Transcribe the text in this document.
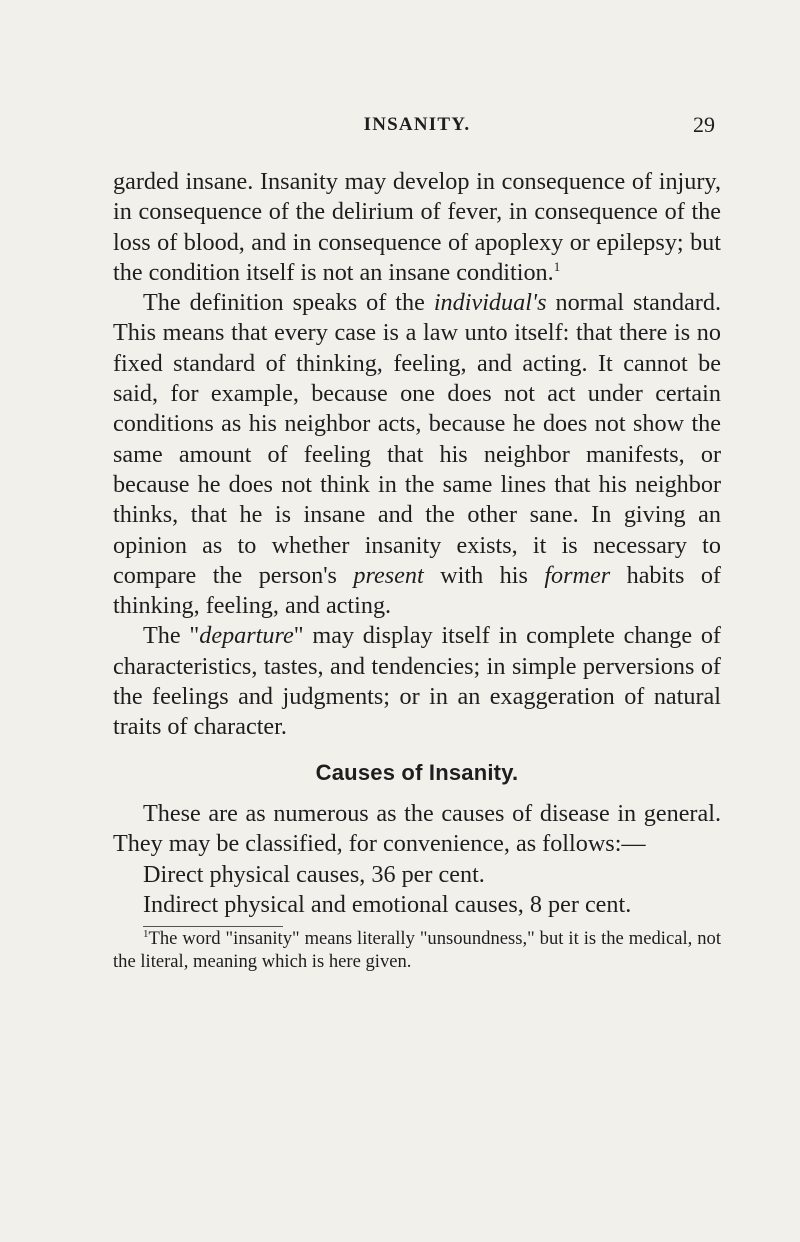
INSANITY.	29

garded insane. Insanity may develop in consequence of injury, in consequence of the delirium of fever, in consequence of the loss of blood, and in consequence of apoplexy or epilepsy; but the condition itself is not an insane condition.$^1$

The definition speaks of the individual's normal standard. This means that every case is a law unto itself: that there is no fixed standard of thinking, feeling, and acting. It cannot be said, for example, because one does not act under certain conditions as his neighbor acts, because he does not show the same amount of feeling that his neighbor manifests, or because he does not think in the same lines that his neighbor thinks, that he is insane and the other sane. In giving an opinion as to whether insanity exists, it is necessary to compare the person's present with his former habits of thinking, feeling, and acting.

The "departure" may display itself in complete change of characteristics, tastes, and tendencies; in simple perversions of the feelings and judgments; or in an exaggeration of natural traits of character.

Causes of Insanity.

These are as numerous as the causes of disease in general. They may be classified, for convenience, as follows:—

Direct physical causes, 36 per cent.

Indirect physical and emotional causes, 8 per cent.

$^1$The word "insanity" means literally "unsoundness," but it is the medical, not the literal, meaning which is here given.
